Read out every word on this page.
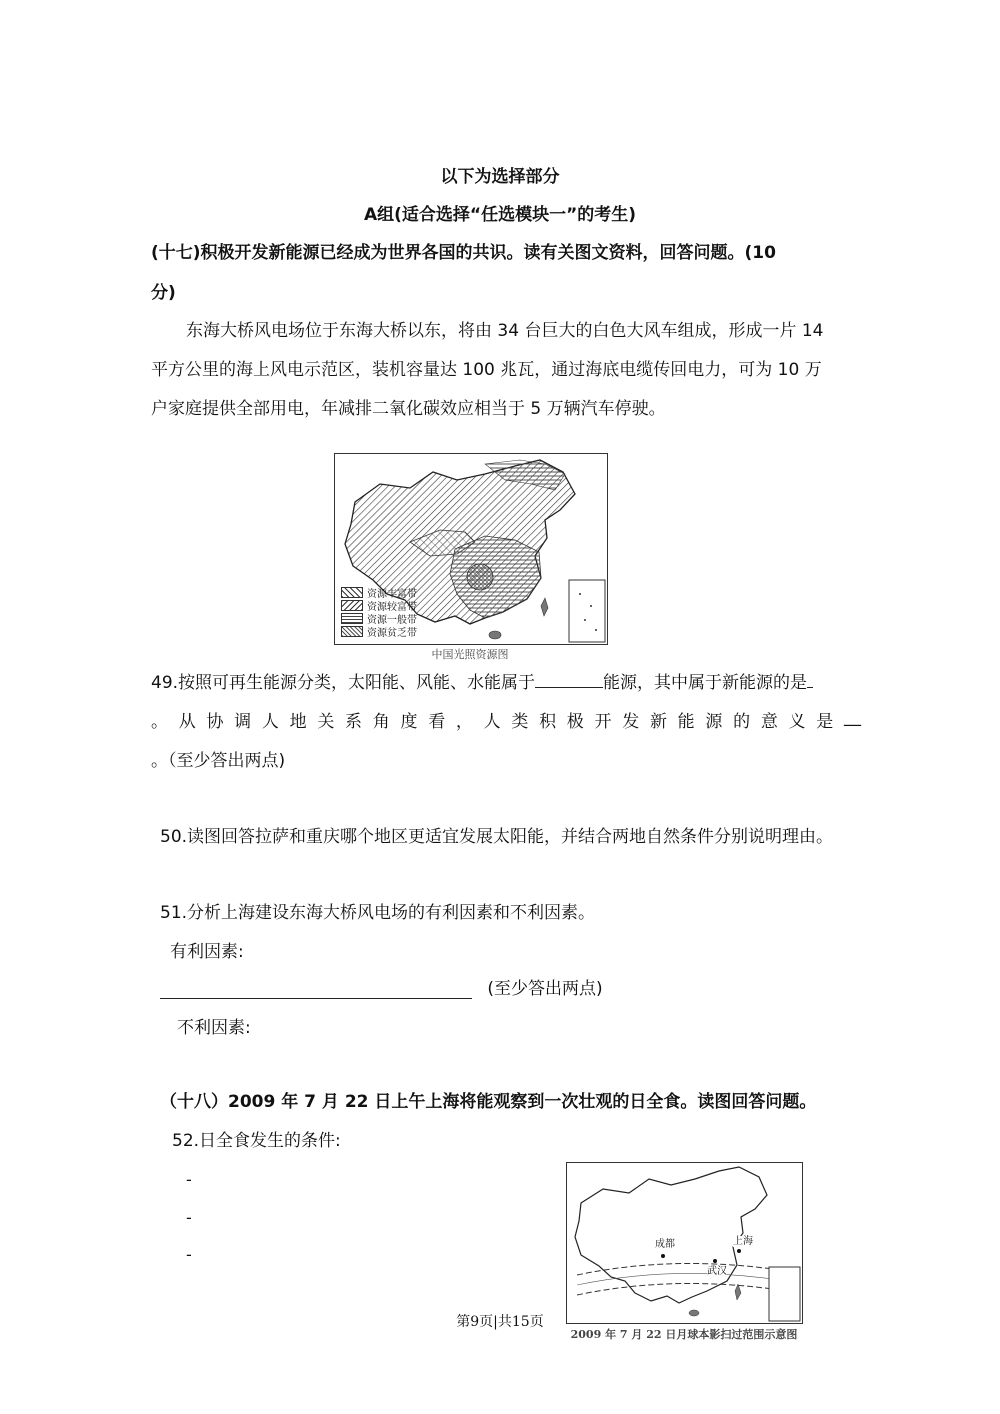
以下为选择部分
A组(适合选择“任选模块一”的考生)
(十七)积极开发新能源已经成为世界各国的共识。读有关图文资料，回答问题。(10
分)
东海大桥风电场位于东海大桥以东，将由 34 台巨大的白色大风车组成，形成一片 14
平方公里的海上风电示范区，装机容量达 100 兆瓦，通过海底电缆传回电力，可为 10 万
户家庭提供全部用电，年减排二氧化碳效应相当于 5 万辆汽车停驶。
资源丰富带
资源较富带
资源一般带
资源贫乏带
中国光照资源图
49.按照可再生能源分类，太阳能、风能、水能属于	能源，其中属于新能源的是
。 从 协 调 人 地 关 系 角 度 看 ， 人 类 积 极 开 发 新 能 源 的 意 义 是 __
。（至少答出两点)
50.读图回答拉萨和重庆哪个地区更适宜发展太阳能，并结合两地自然条件分别说明理由。
51.分析上海建设东海大桥风电场的有利因素和不利因素。
有利因素:
(至少答出两点)
不利因素:
（十八）2009 年 7 月 22 日上午上海将能观察到一次壮观的日全食。读图回答问题。
52.日全食发生的条件:
-
-
-
成都	上海
武汉
2009 年 7 月 22 日月球本影扫过范围示意图
第9页|共15页
